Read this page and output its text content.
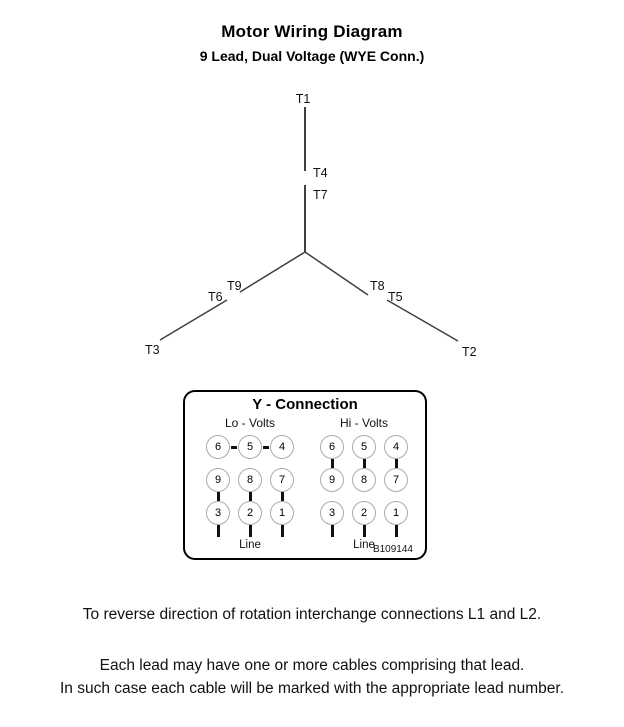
Motor Wiring Diagram
9 Lead, Dual Voltage (WYE Conn.)
T1
T4
T7
T9
T6
T3
T8
T5
T2
Y - Connection
Lo - Volts
6	5	4
9	8	7
3	2	1
Line
Hi - Volts
6	5	4
9	8	7
3	2	1
Line
B109144
To reverse direction of rotation interchange connections L1 and L2.
Each lead may have one or more cables comprising that lead.
In such case each cable will be marked with the appropriate lead number.
